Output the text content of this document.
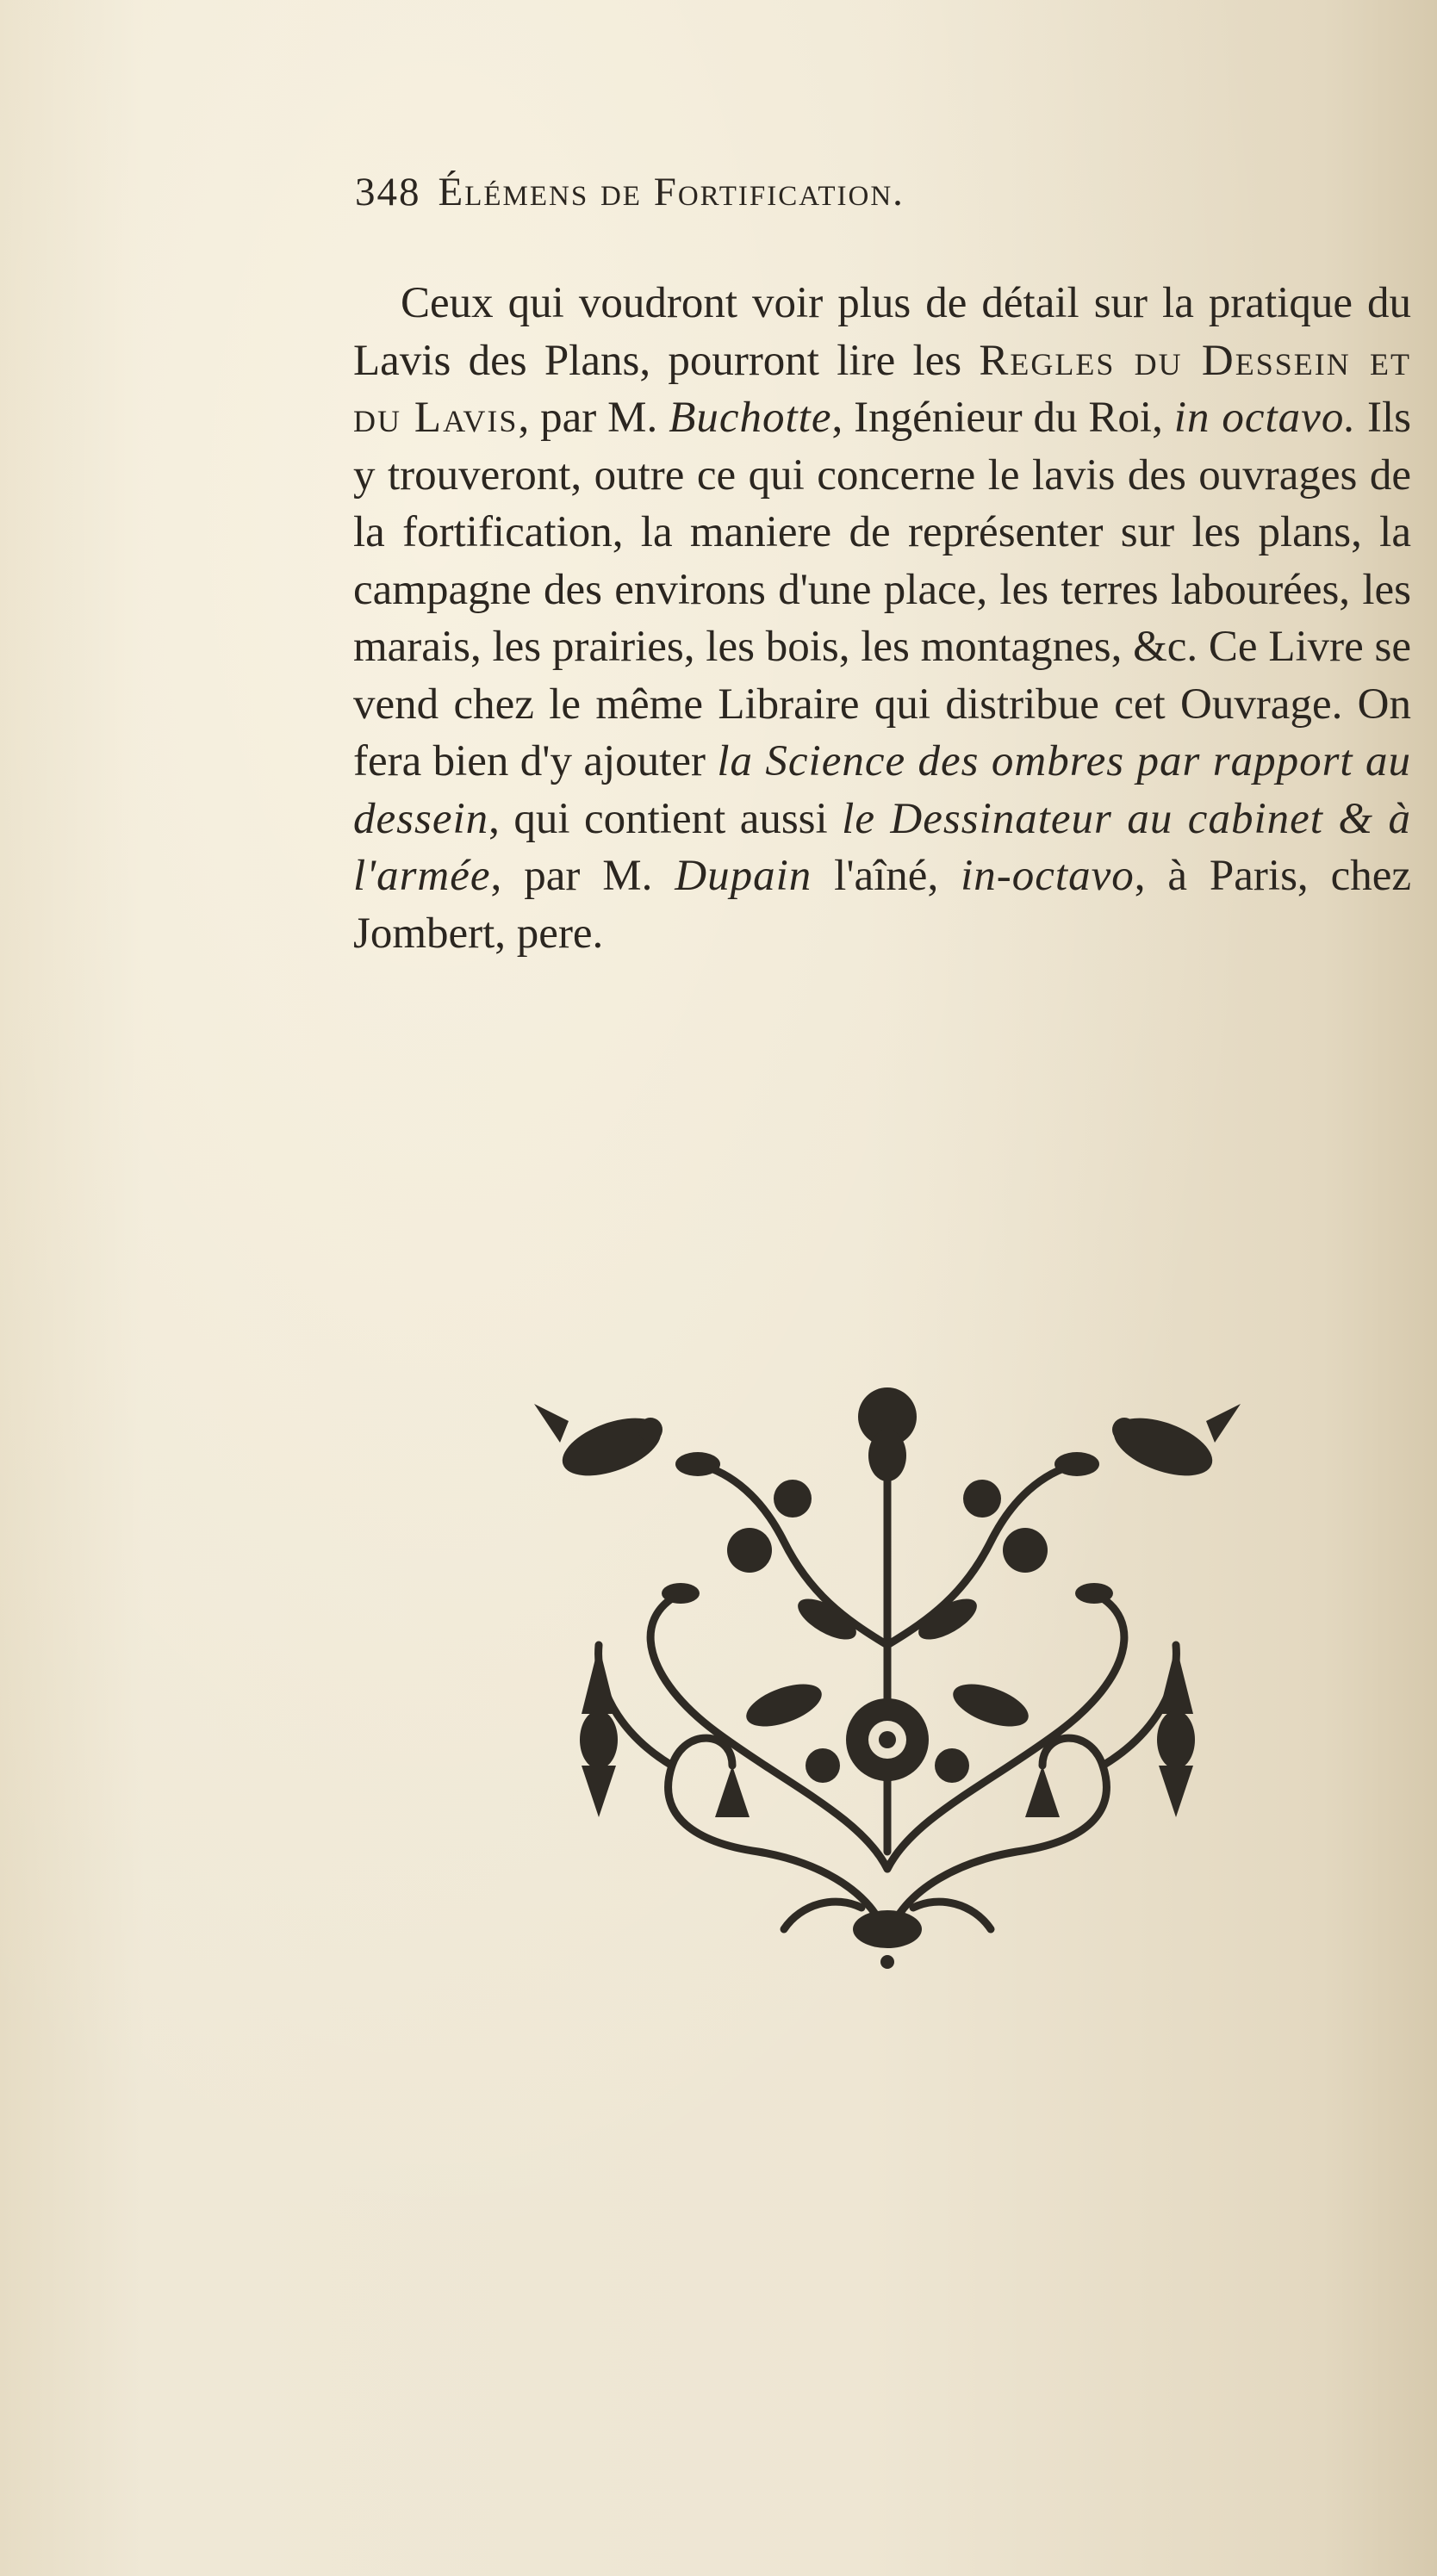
348 Élémens de Fortification.

Ceux qui voudront voir plus de détail sur la pratique du Lavis des Plans, pourront lire les Regles du Dessein et du Lavis, par M. Buchotte, Ingénieur du Roi, in octavo. Ils y trouveront, outre ce qui concerne le lavis des ouvrages de la fortification, la maniere de représenter sur les plans, la campagne des environs d'une place, les terres labourées, les marais, les prairies, les bois, les montagnes, &c. Ce Livre se vend chez le même Libraire qui distribue cet Ouvrage. On fera bien d'y ajouter la Science des ombres par rapport au dessein, qui contient aussi le Dessinateur au cabinet & à l'armée, par M. Dupain l'aîné, in-octavo, à Paris, chez Jombert, pere.
